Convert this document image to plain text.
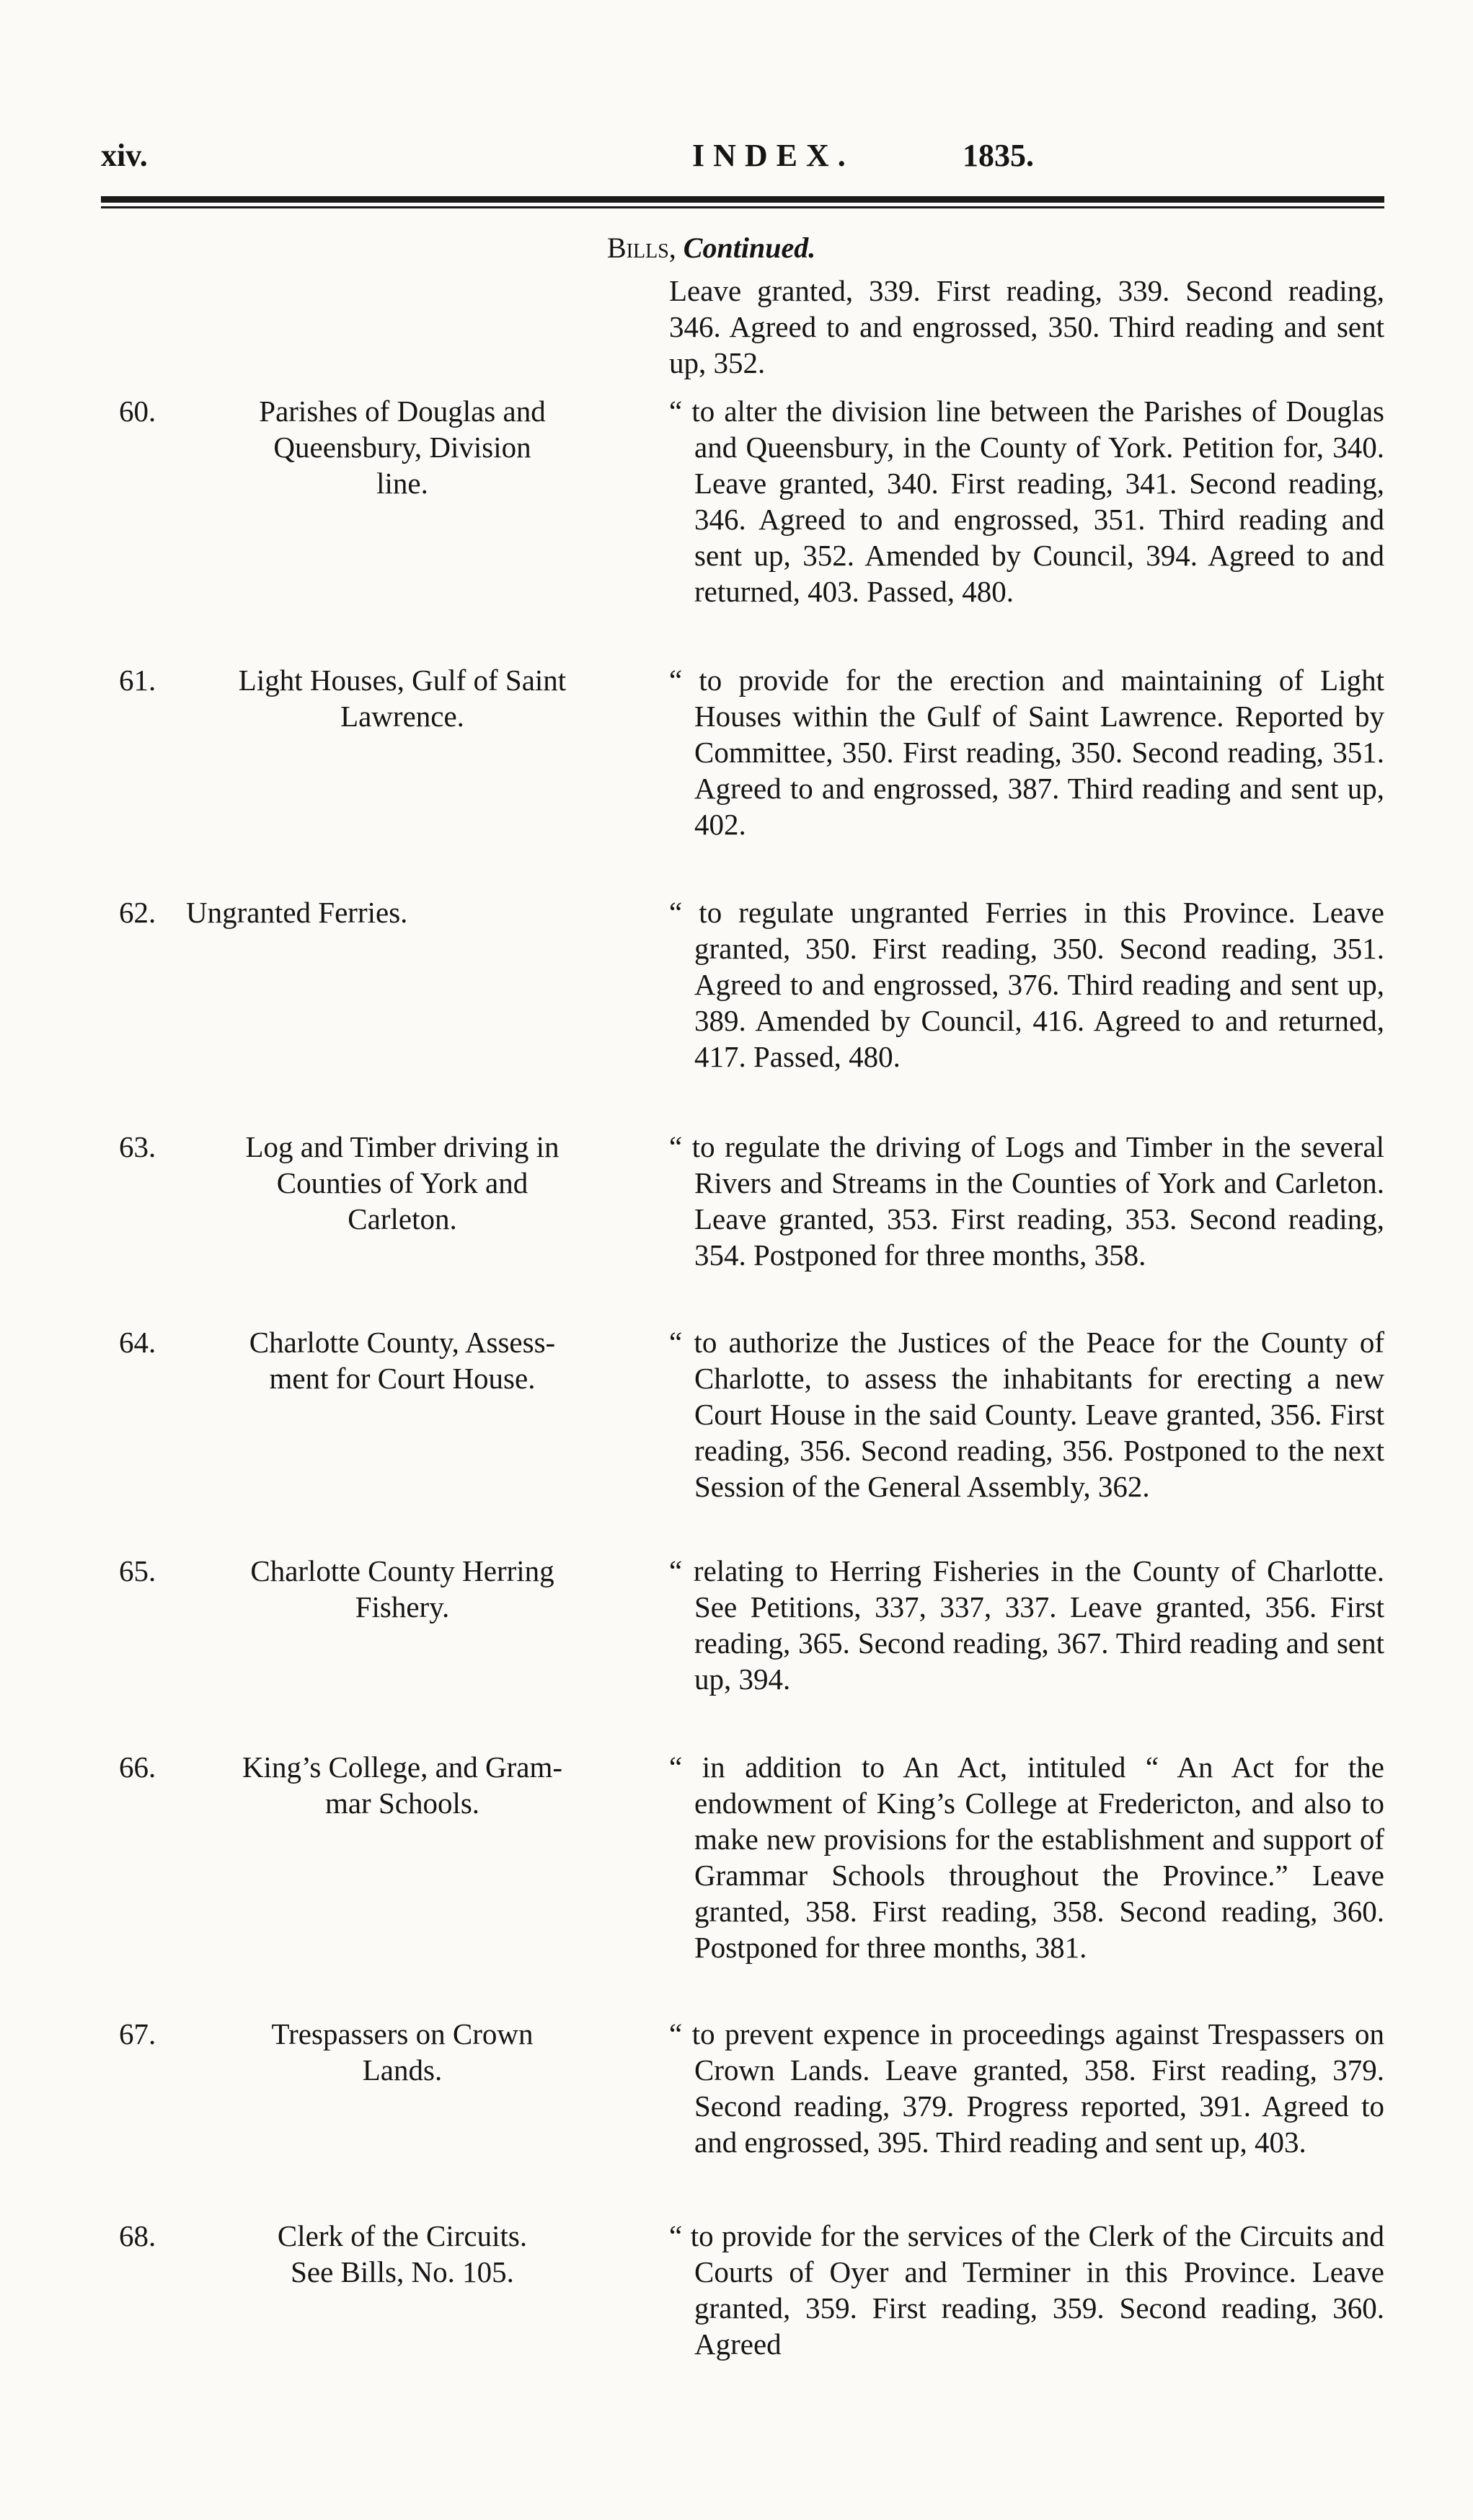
xiv.	INDEX.	1835.
Bills, Continued.
Leave granted, 339. First reading, 339. Second reading, 346. Agreed to and engrossed, 350. Third reading and sent up, 352.
60.	Parishes of Douglas and
Queensbury, Division
line.
“ to alter the division line between the Parishes of Douglas and Queensbury, in the County of York. Petition for, 340. Leave granted, 340. First reading, 341. Second reading, 346. Agreed to and engrossed, 351. Third reading and sent up, 352. Amended by Council, 394. Agreed to and returned, 403. Passed, 480.
61.	Light Houses, Gulf of Saint
Lawrence.
“ to provide for the erection and maintaining of Light Houses within the Gulf of Saint Lawrence. Reported by Committee, 350. First reading, 350. Second reading, 351. Agreed to and engrossed, 387. Third reading and sent up, 402.
62. Ungranted Ferries.	“ to regulate ungranted Ferries in this Province. Leave granted, 350. First reading, 350. Second reading, 351. Agreed to and engrossed, 376. Third reading and sent up, 389. Amended by Council, 416. Agreed to and returned, 417. Passed, 480.
63.	Log and Timber driving in
Counties of York and
Carleton.
“ to regulate the driving of Logs and Timber in the several Rivers and Streams in the Counties of York and Carleton. Leave granted, 353. First reading, 353. Second reading, 354. Postponed for three months, 358.
64.	Charlotte County, Assess-
ment for Court House.
“ to authorize the Justices of the Peace for the County of Charlotte, to assess the inhabitants for erecting a new Court House in the said County. Leave granted, 356. First reading, 356. Second reading, 356. Postponed to the next Session of the General Assembly, 362.
65.	Charlotte County Herring
Fishery.
“ relating to Herring Fisheries in the County of Charlotte. See Petitions, 337, 337, 337. Leave granted, 356. First reading, 365. Second reading, 367. Third reading and sent up, 394.
66.	King’s College, and Gram-
mar Schools.
“ in addition to An Act, intituled “ An Act for the endowment of King’s College at Fredericton, and also to make new provisions for the establishment and support of Grammar Schools throughout the Province.” Leave granted, 358. First reading, 358. Second reading, 360. Postponed for three months, 381.
67.	Trespassers on Crown
Lands.
“ to prevent expence in proceedings against Trespassers on Crown Lands. Leave granted, 358. First reading, 379. Second reading, 379. Progress reported, 391. Agreed to and engrossed, 395. Third reading and sent up, 403.
68.	Clerk of the Circuits.
See Bills, No. 105.
“ to provide for the services of the Clerk of the Circuits and Courts of Oyer and Terminer in this Province. Leave granted, 359. First reading, 359. Second reading, 360. Agreed
